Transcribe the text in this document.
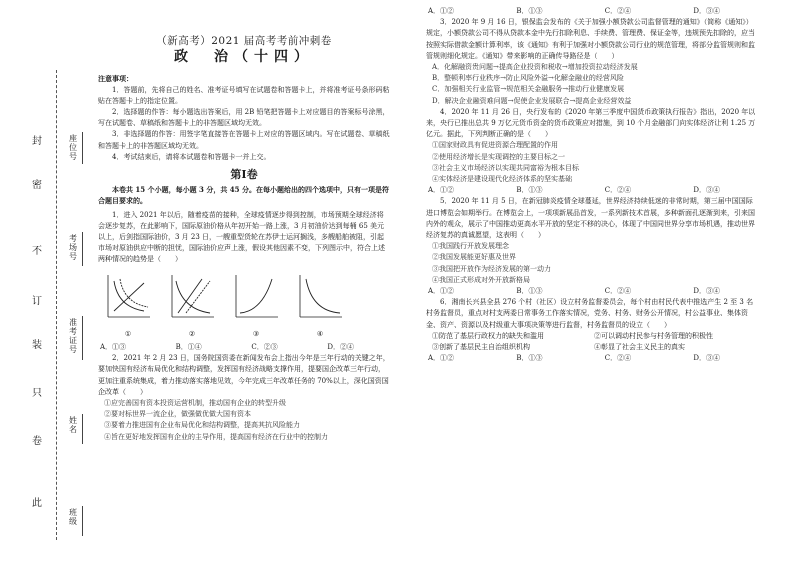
封
密
不
订
装
只
卷
此
座位号
考场号
准考证号
姓名
班级
（新高考）2021 届高考考前冲刺卷
政　治（十四）
注意事项：

1．答题前，先将自己的姓名、准考证号填写在试题卷和答题卡上，并将准考证号条形码粘贴在答题卡上的指定位置。

2．选择题的作答：每小题选出答案后，用 2B 铅笔把答题卡上对应题目的答案标号涂黑，写在试题卷、草稿纸和答题卡上的非答题区域均无效。

3．非选择题的作答：用签字笔直接答在答题卡上对应的答题区域内。写在试题卷、草稿纸和答题卡上的非答题区域均无效。

4．考试结束后，请将本试题卷和答题卡一并上交。

第Ⅰ卷

本卷共 15 个小题，每小题 3 分，共 45 分。在每小题给出的四个选项中，只有一项是符合题目要求的。

1．进入 2021 年以后，随着疫苗的接种，全球疫情逐步得到控制，市场预期全球经济将会逐步复苏，在此影响下，国际原油价格从年初开始一路上涨，3 月初油价达到每桶 65 美元以上，后剑指国际油价，3 月 23 日，一艘重型货轮在苏伊士运河搁浅，多艘船舶被阻，引起市场对原油供应中断的担忧，国际油价应声上涨，假设其他因素不变，下列图示中，符合上述两种情况的趋势是（　　）

①	②	③	④
A．①③	B．①④	C．②③	D．②④

2．2021 年 2 月 23 日，国务院国资委在新闻发布会上指出今年是三年行动的关键之年，要加快国有经济布局优化和结构调整，发挥国有经济战略支撑作用，提要国企改革三年行动，更加注重系统集成，着力推动落实落地见效，今年完成三年改革任务的 70%以上，深化国资国企改革（　　）

①应完善国有资本投资运营机制，推动国有企业的转型升级
②要对标世界一流企业，做强做优做大国有资本
③要着力推进国有企业布局优化和结构调整，提高其抗风险能力
④旨在更好地发挥国有企业的主导作用，提高国有经济在行业中的控制力
A．①②	B．①③	C．②④	D．③④

3．2020 年 9 月 16 日，银保监会发布的《关于加强小额贷款公司监督管理的通知》（简称《通知》）规定，小额贷款公司不得从贷款本金中先行扣除利息、手续费、管理费、保证金等，违规预先扣除的，应当按照实际借款金额计算利率，该《通知》有利于加强对小额贷款公司行业的规范管理，将部分监管规则和监管规则细化规定。《通知》带来影响的正确传导路径是（　　）

A．化解融资贵问题→提高企业投资和税收→增加投资拉动经济发展
B．整顿利率行业秩序→防止风险外溢→化解金融业的经营风险
C．加强相关行业监管→规范相关金融服务→推动行业健康发展
D．解决企业融资难问题→促使企业发展联合→提高企业经营效益

4．2020 年 11 月 26 日，央行发布的《2020 年第三季度中国货币政策执行报告》指出，2020 年以来，央行已推出总共 9 万亿元货币资金的货币政策应对措施，到 10 个月金融部门向实体经济让利 1.25 万亿元。据此，下列判断正确的是（　　）

①国家财政具有促进资源合理配置的作用
②使用经济增长是实现调控的主要目标之一
③社会主义市场经济以实现共同富裕为根本目标
④实体经济是建设现代化经济体系的坚实基础
A．①②	B．①③	C．②④	D．③④

5．2020 年 11 月 5 日，在新冠肺炎疫情全球蔓延，世界经济持续低迷的非常时期，第三届中国国际进口博览会如期举行。在博览会上，一项项新展品首发，一系列新技术首展，多种新面孔逐渐到来，引来国内外的观众，展示了中国推动更高水平开放的坚定不移的决心，体现了中国同世界分享市场机遇，推动世界经济复苏的真诚愿望，这表明（　　）

①我国践行开放发展理念
②我国发展能更好惠及世界
③我国把开放作为经济发展的第一动力
④我国正式形成对外开放新格局
A．①②	B．①③	C．②④	D．③④

6．湘南长兴县全县 276 个村（社区）设立村务监督委员会，每个村由村民代表中推选产生 2 至 3 名村务监督员，重点对村支两委日常事务工作落实情况，党务、村务、财务公开情况，村公益事业、集体资金、资产、资源以及村级重大事项决策等进行监督，村务监督员的设立（　　）

①防范了基层行政权力的缺失和滥用	②可以调动村民参与村务管理的积极性
③创新了基层民主自治组织机构	④彰显了社会主义民主的真实
A．①②	B．①③	C．②④	D．③④
